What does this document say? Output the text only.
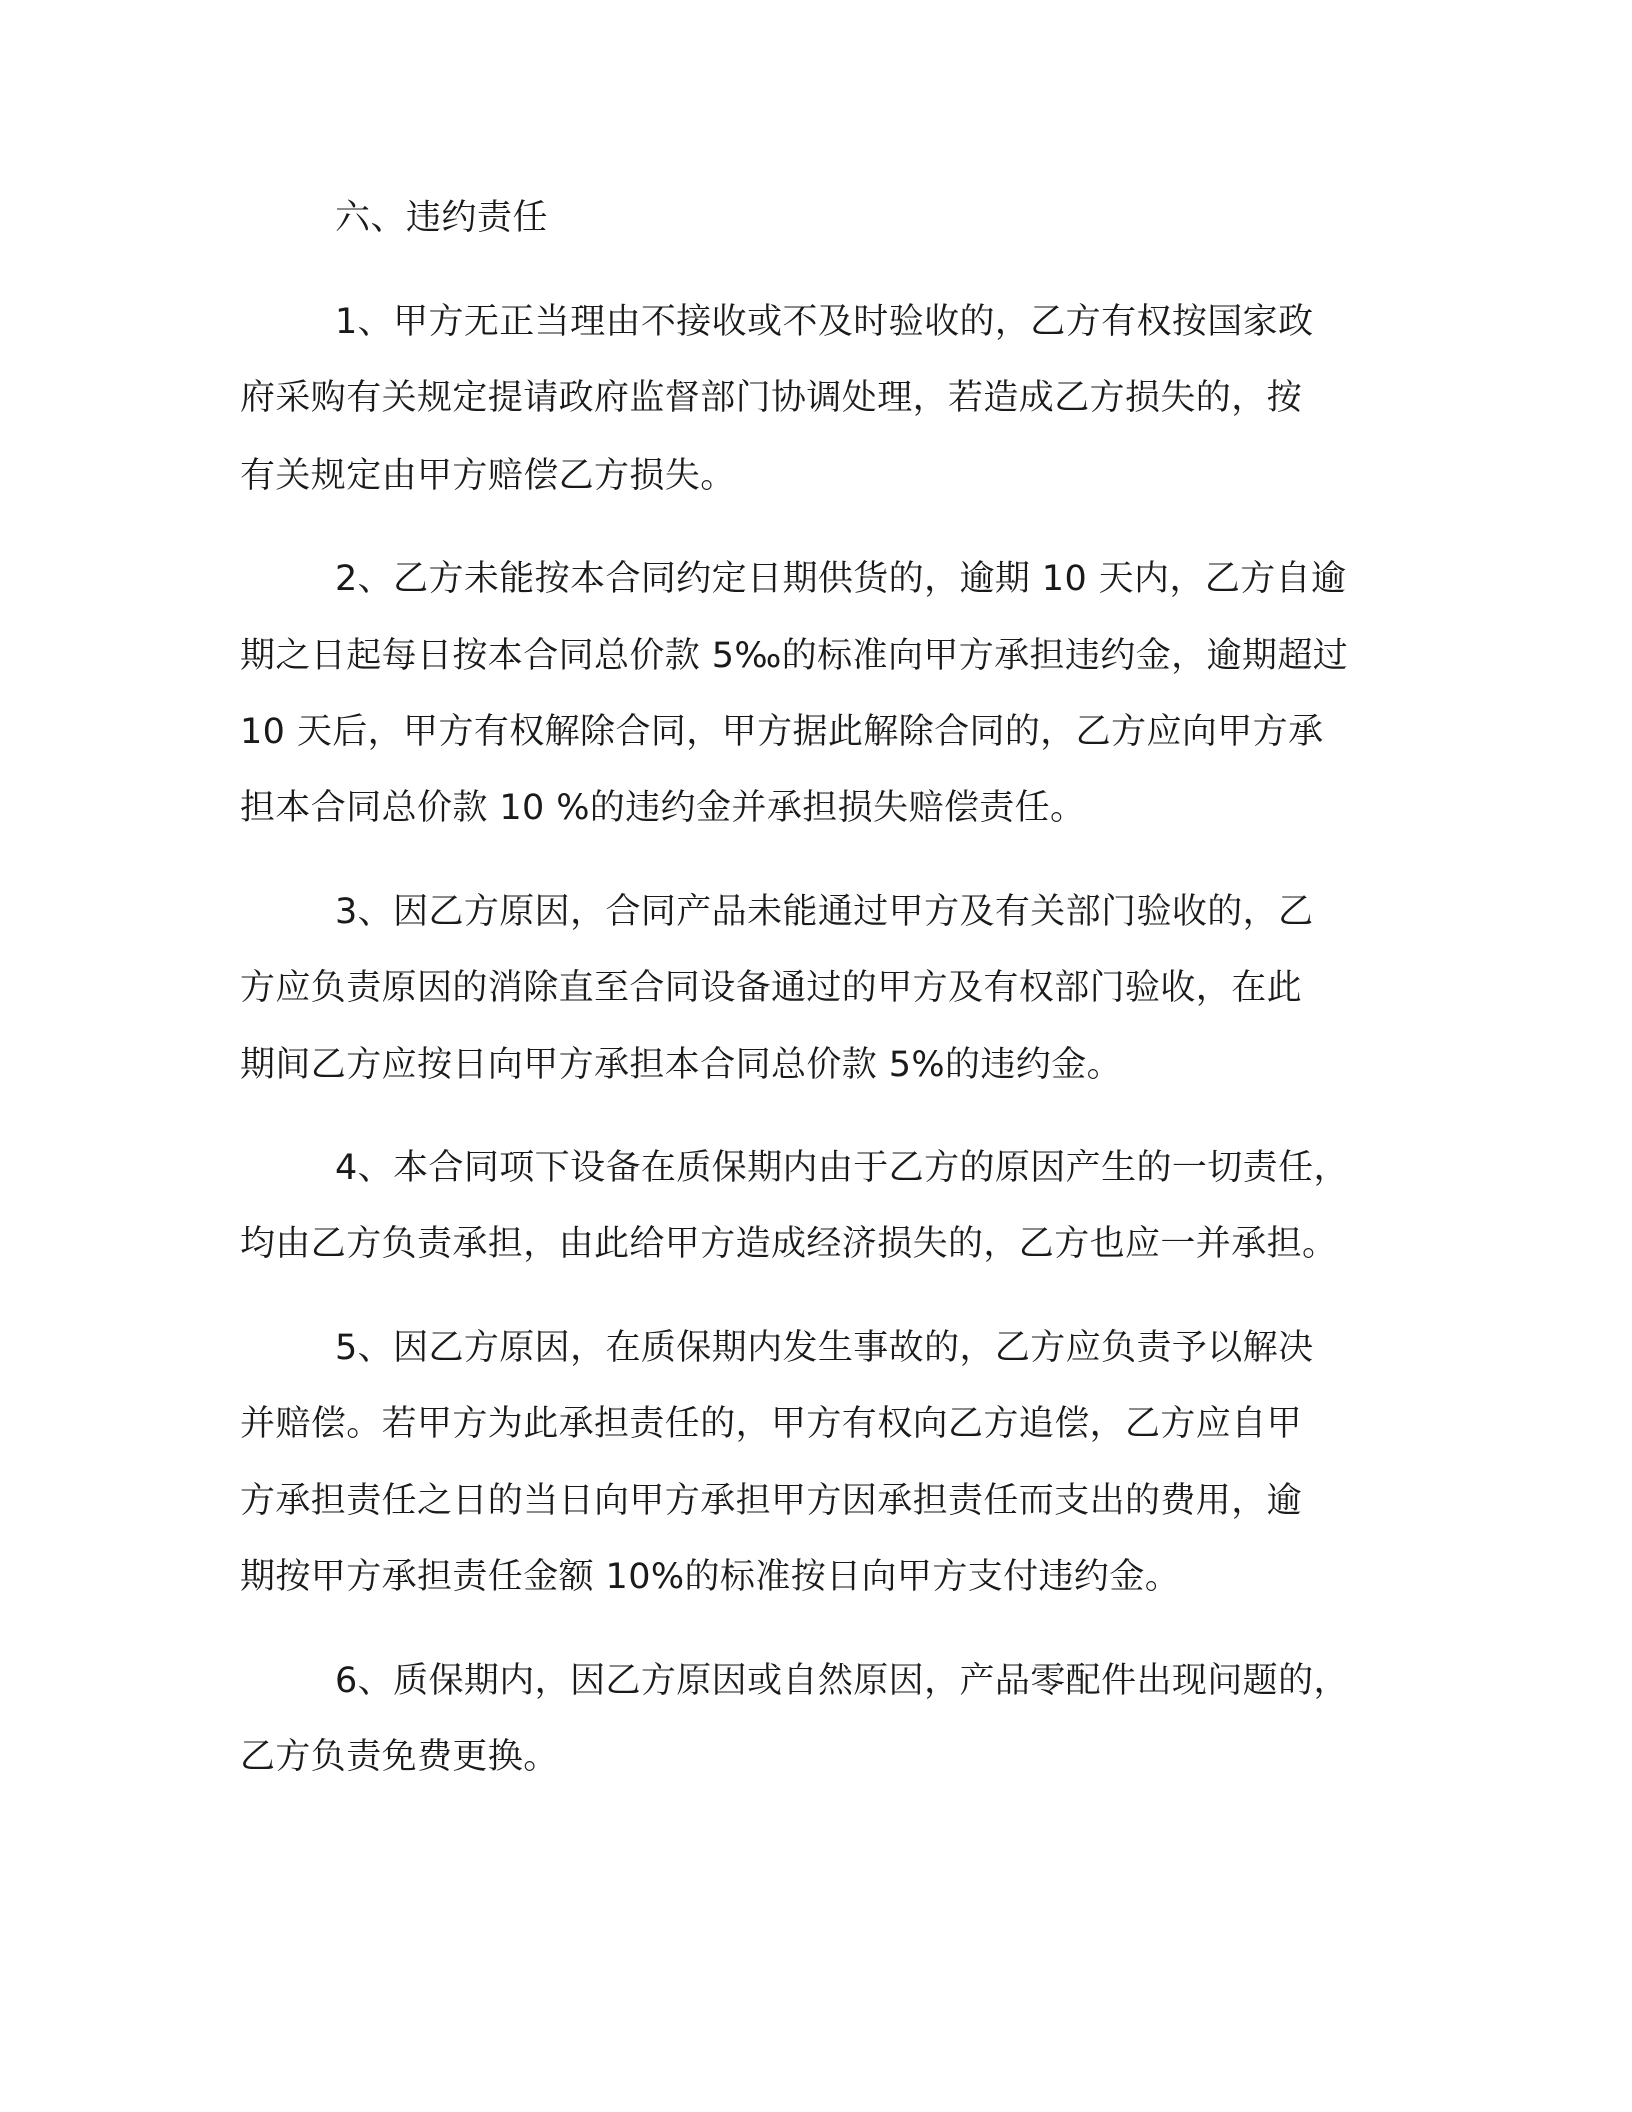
六、违约责任
1、甲方无正当理由不接收或不及时验收的，乙方有权按国家政
府采购有关规定提请政府监督部门协调处理，若造成乙方损失的，按
有关规定由甲方赔偿乙方损失。
2、乙方未能按本合同约定日期供货的，逾期 10 天内，乙方自逾
期之日起每日按本合同总价款 5‰的标准向甲方承担违约金，逾期超过
10 天后，甲方有权解除合同，甲方据此解除合同的，乙方应向甲方承
担本合同总价款 10 %的违约金并承担损失赔偿责任。
3、因乙方原因，合同产品未能通过甲方及有关部门验收的，乙
方应负责原因的消除直至合同设备通过的甲方及有权部门验收，在此
期间乙方应按日向甲方承担本合同总价款 5%的违约金。
4、本合同项下设备在质保期内由于乙方的原因产生的一切责任，
均由乙方负责承担，由此给甲方造成经济损失的，乙方也应一并承担。
5、因乙方原因，在质保期内发生事故的，乙方应负责予以解决
并赔偿。若甲方为此承担责任的，甲方有权向乙方追偿，乙方应自甲
方承担责任之日的当日向甲方承担甲方因承担责任而支出的费用，逾
期按甲方承担责任金额 10%的标准按日向甲方支付违约金。
6、质保期内，因乙方原因或自然原因，产品零配件出现问题的，
乙方负责免费更换。
